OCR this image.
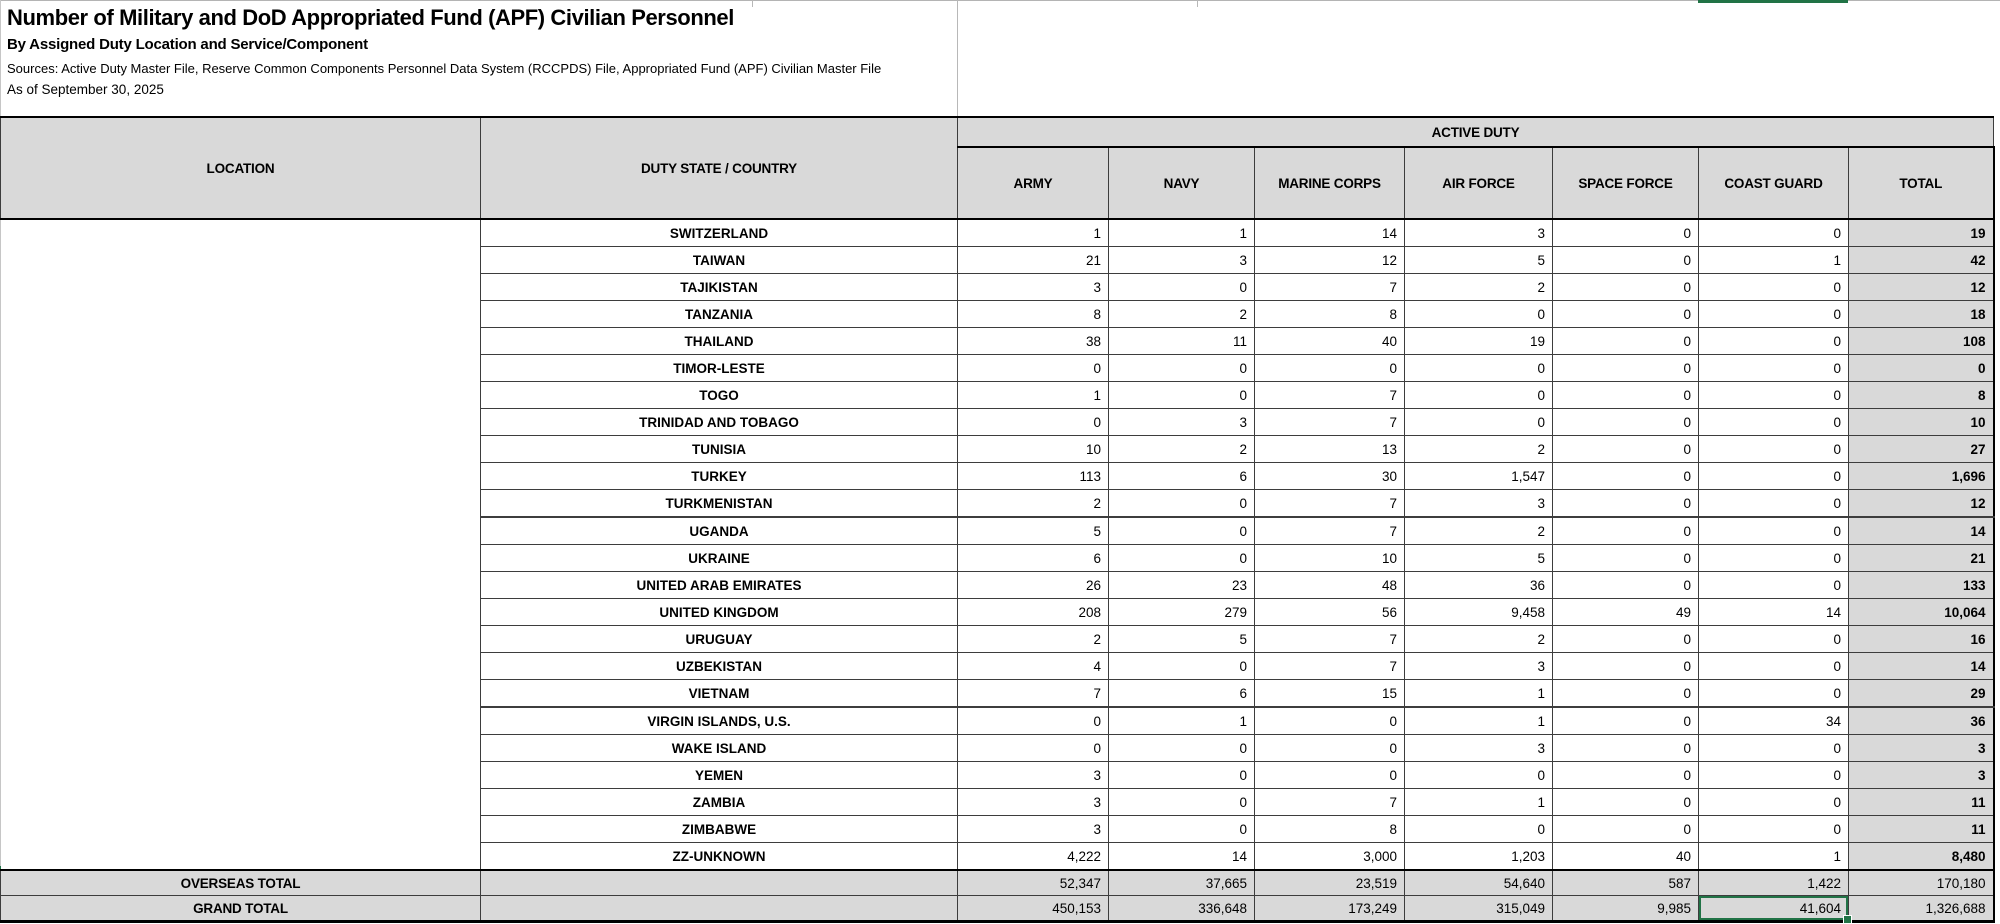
Number of Military and DoD Appropriated Fund (APF) Civilian Personnel
By Assigned Duty Location and Service/Component
Sources: Active Duty Master File, Reserve Common Components Personnel Data System (RCCPDS) File, Appropriated Fund (APF) Civilian Master File
As of September 30, 2025
LOCATION	DUTY STATE / COUNTRY	ACTIVE DUTY						
		ARMY	NAVY	MARINE CORPS	AIR FORCE	SPACE FORCE	COAST GUARD	TOTAL
	SWITZERLAND	1	1	14	3	0	0	19
	TAIWAN	21	3	12	5	0	1	42
	TAJIKISTAN	3	0	7	2	0	0	12
	TANZANIA	8	2	8	0	0	0	18
	THAILAND	38	11	40	19	0	0	108
	TIMOR-LESTE	0	0	0	0	0	0	0
	TOGO	1	0	7	0	0	0	8
	TRINIDAD AND TOBAGO	0	3	7	0	0	0	10
	TUNISIA	10	2	13	2	0	0	27
	TURKEY	113	6	30	1,547	0	0	1,696
	TURKMENISTAN	2	0	7	3	0	0	12
	UGANDA	5	0	7	2	0	0	14
	UKRAINE	6	0	10	5	0	0	21
	UNITED ARAB EMIRATES	26	23	48	36	0	0	133
	UNITED KINGDOM	208	279	56	9,458	49	14	10,064
	URUGUAY	2	5	7	2	0	0	16
	UZBEKISTAN	4	0	7	3	0	0	14
	VIETNAM	7	6	15	1	0	0	29
	VIRGIN ISLANDS, U.S.	0	1	0	1	0	34	36
	WAKE ISLAND	0	0	0	3	0	0	3
	YEMEN	3	0	0	0	0	0	3
	ZAMBIA	3	0	7	1	0	0	11
	ZIMBABWE	3	0	8	0	0	0	11
	ZZ-UNKNOWN	4,222	14	3,000	1,203	40	1	8,480
OVERSEAS TOTAL		52,347	37,665	23,519	54,640	587	1,422	170,180
GRAND TOTAL		450,153	336,648	173,249	315,049	9,985	41,604	1,326,688
